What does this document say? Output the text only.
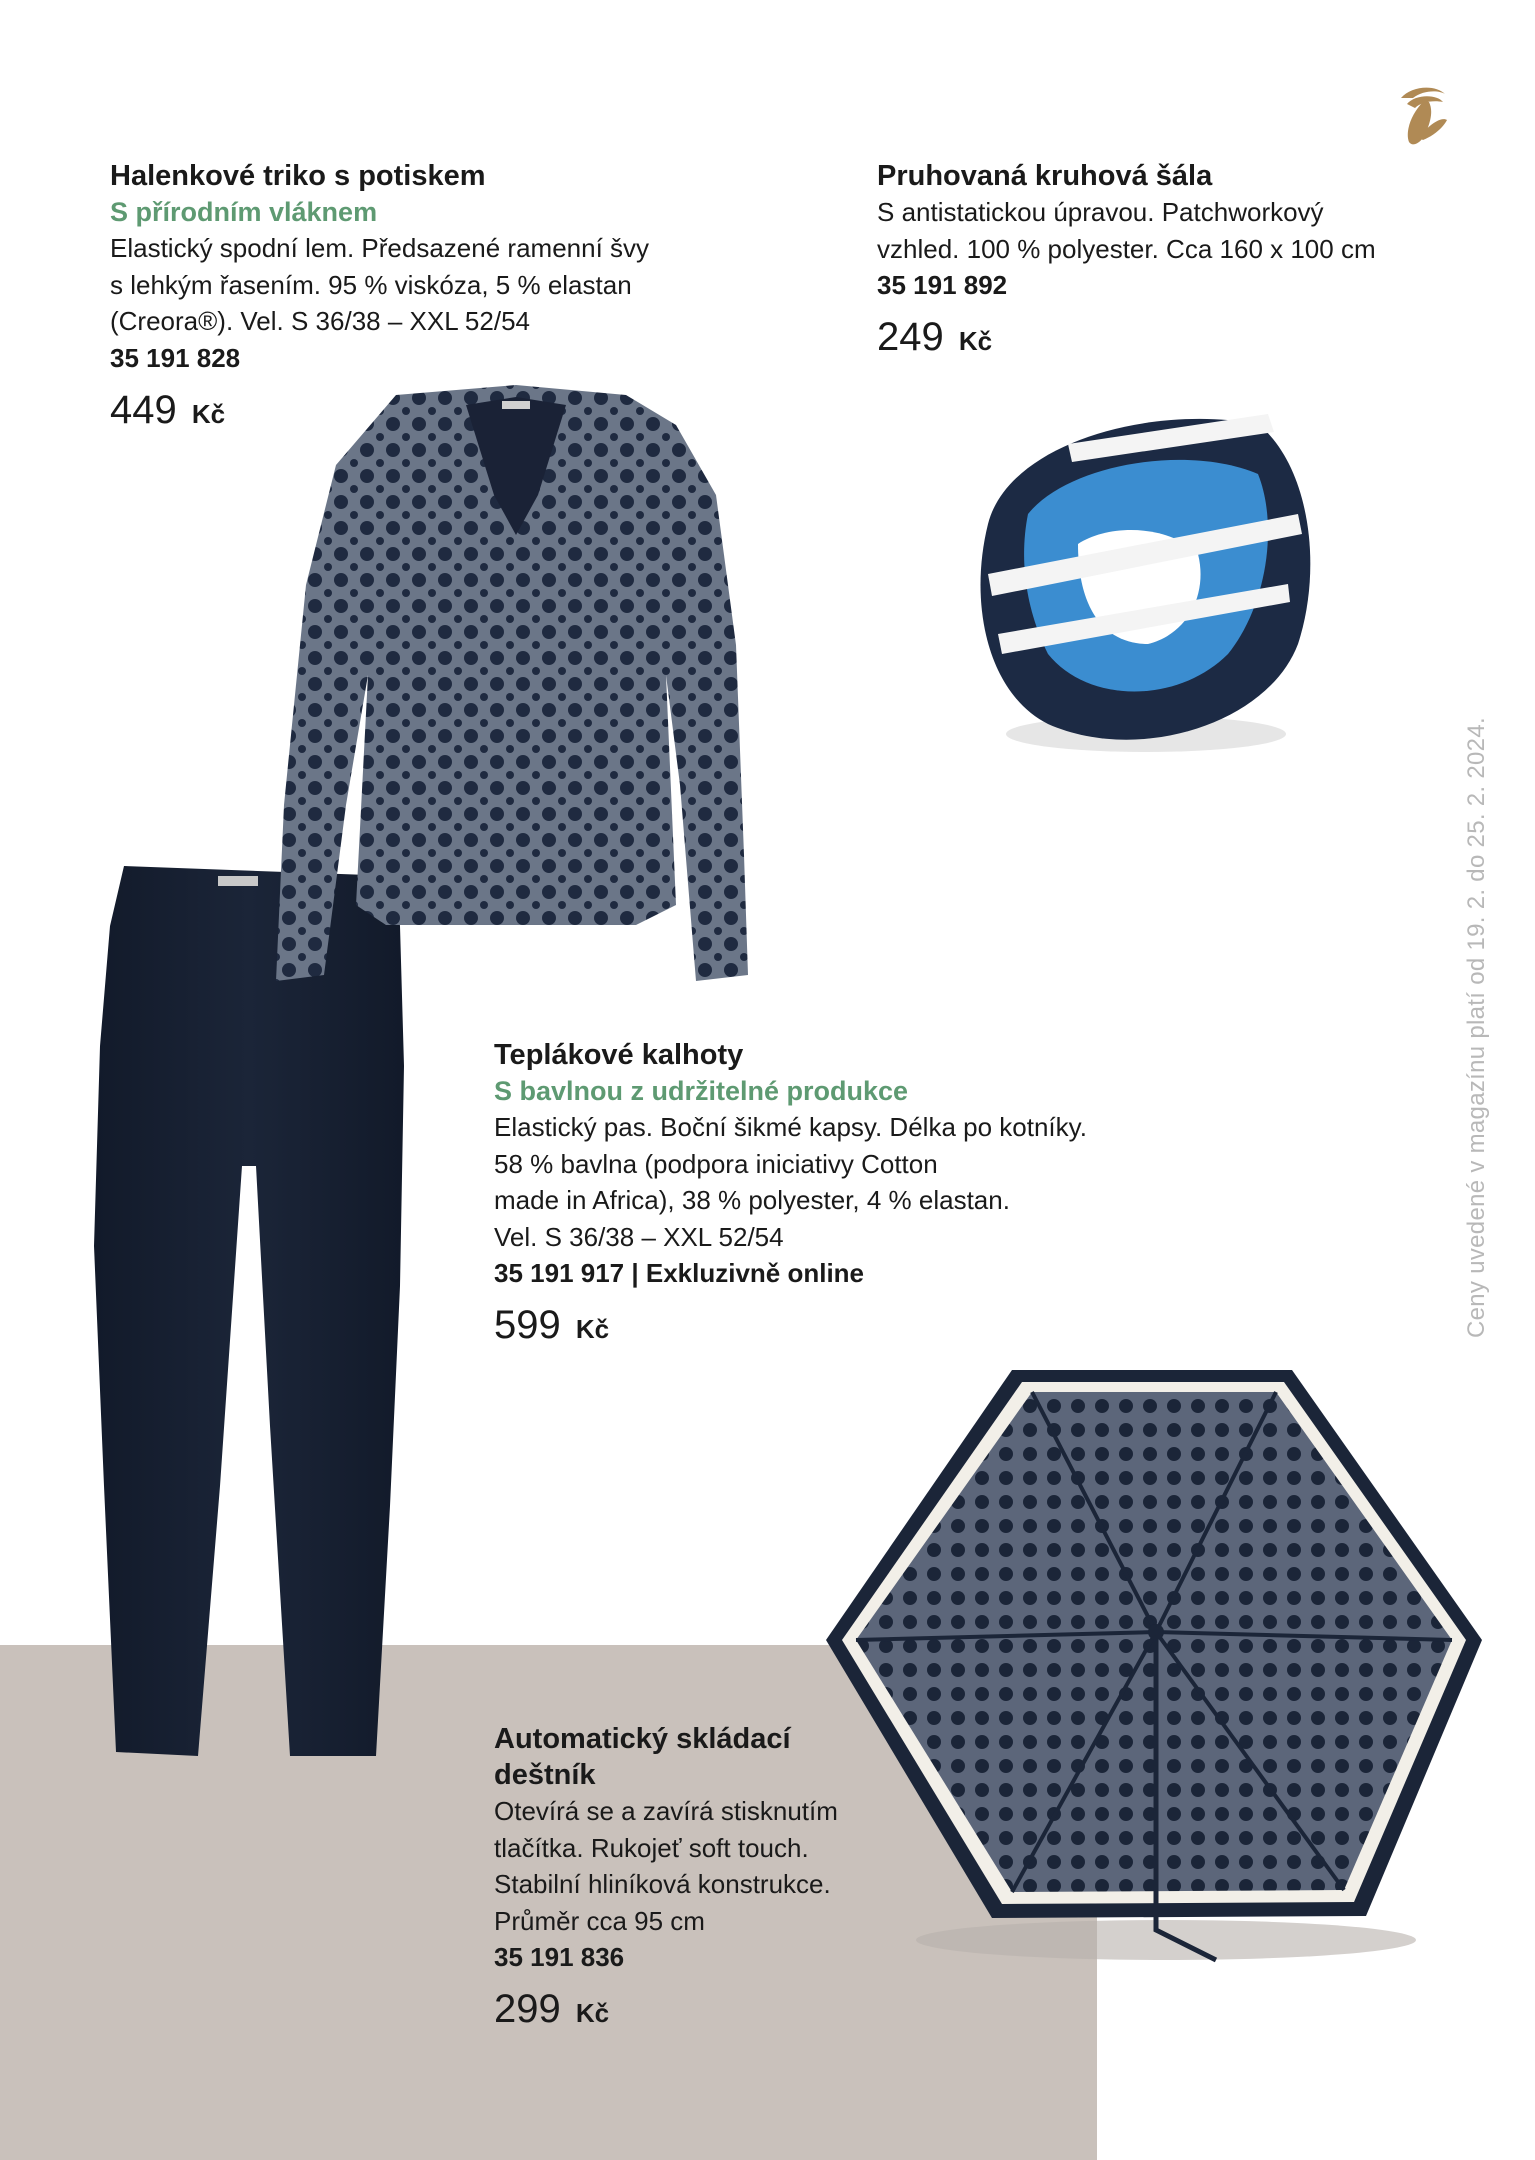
Halenkové triko s potiskem

S přírodním vláknem

Elastický spodní lem. Předsazené ramenní švy
s lehkým řasením. 95 % viskóza, 5 % elastan
(Creora®). Vel. S 36/38 – XXL 52/54

35 191 828

449 Kč

Pruhovaná kruhová šála

S antistatickou úpravou. Patchworkový
vzhled. 100 % polyester. Cca 160 x 100 cm

35 191 892

249 Kč

Teplákové kalhoty

S bavlnou z udržitelné produkce

Elastický pas. Boční šikmé kapsy. Délka po kotníky.
58 % bavlna (podpora iniciativy Cotton
made in Africa), 38 % polyester, 4 % elastan.
Vel. S 36/38 – XXL 52/54

35 191 917 | Exkluzivně online

599 Kč

Automatický skládací
deštník

Otevírá se a zavírá stisknutím
tlačítka. Rukojeť soft touch.
Stabilní hliníková konstrukce.
Průměr cca 95 cm

35 191 836

299 Kč

Ceny uvedené v magazínu platí od 19. 2. do 25. 2. 2024.
